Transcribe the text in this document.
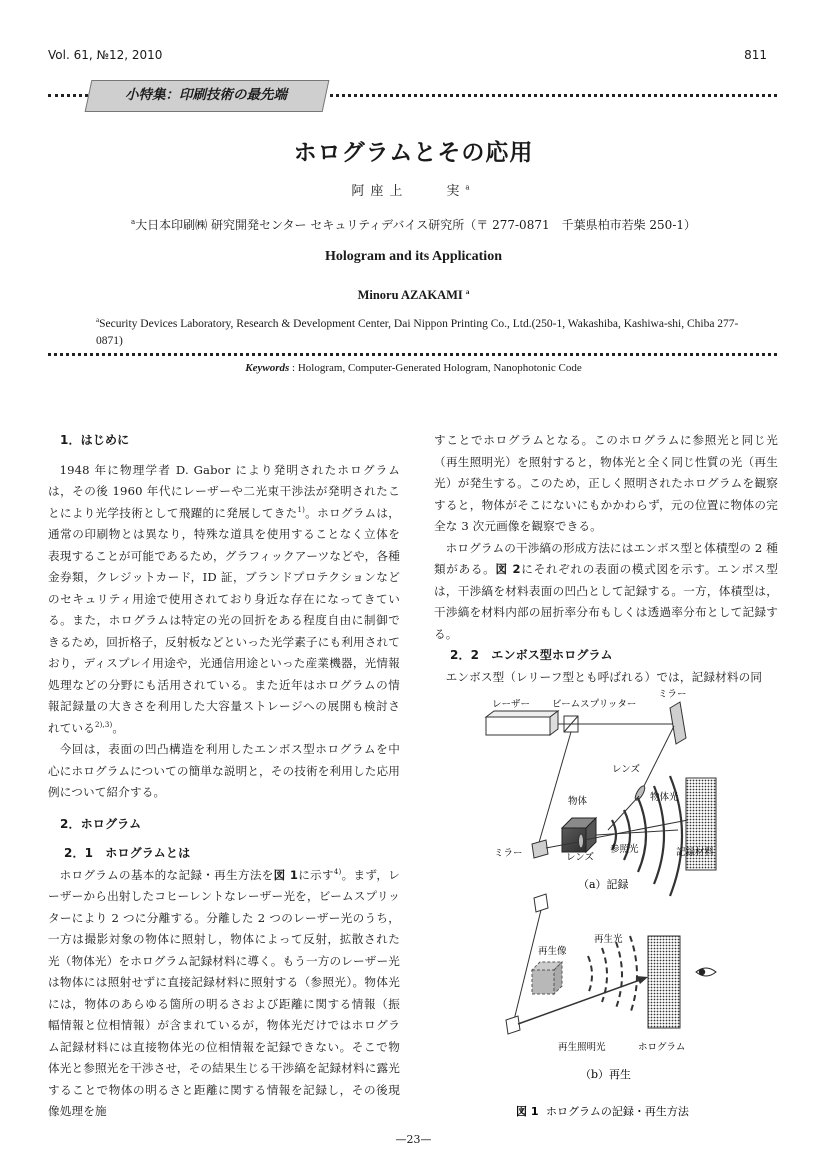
Vol. 61, №12, 2010	811
小特集：印刷技術の最先端
ホログラムとその応用
阿座上　　実$^a$
$^a$大日本印刷㈱ 研究開発センター セキュリティデバイス研究所（〒 277-0871　千葉県柏市若柴 250-1）
Hologram and its Application
Minoru AZAKAMI $^a$
$^a$Security Devices Laboratory, Research & Development Center, Dai Nippon Printing Co., Ltd.(250-1, Wakashiba, Kashiwa-shi, Chiba 277-0871)
Keywords : Hologram, Computer-Generated Hologram, Nanophotonic Code

1．はじめに

1948 年に物理学者 D. Gabor により発明されたホログラムは，その後 1960 年代にレーザーや二光束干渉法が発明されたことにより光学技術として飛躍的に発展してきた$^{1)}$。ホログラムは，通常の印刷物とは異なり，特殊な道具を使用することなく立体を表現することが可能であるため，グラフィックアーツなどや，各種金券類，クレジットカード，ID 証，ブランドプロテクションなどのセキュリティ用途で使用されており身近な存在になってきている。また，ホログラムは特定の光の回折をある程度自由に制御できるため，回折格子，反射板などといった光学素子にも利用されており，ディスプレイ用途や，光通信用途といった産業機器，光情報処理などの分野にも活用されている。また近年はホログラムの情報記録量の大きさを利用した大容量ストレージへの展開も検討されている$^{2),3)}$。

今回は，表面の凹凸構造を利用したエンボス型ホログラムを中心にホログラムについての簡単な説明と，その技術を利用した応用例について紹介する。

2．ホログラム

2．1　ホログラムとは

ホログラムの基本的な記録・再生方法を図 1に示す$^{4)}$。まず，レーザーから出射したコヒーレントなレーザー光を，ビームスプリッターにより 2 つに分離する。分離した 2 つのレーザー光のうち，一方は撮影対象の物体に照射し，物体によって反射，拡散された光（物体光）をホログラム記録材料に導く。もう一方のレーザー光は物体には照射せずに直接記録材料に照射する（参照光）。物体光には，物体のあらゆる箇所の明るさおよび距離に関する情報（振幅情報と位相情報）が含まれているが，物体光だけではホログラム記録材料には直接物体光の位相情報を記録できない。そこで物体光と参照光を干渉させ，その結果生じる干渉縞を記録材料に露光することで物体の明るさと距離に関する情報を記録し，その後現像処理を施

すことでホログラムとなる。このホログラムに参照光と同じ光（再生照明光）を照射すると，物体光と全く同じ性質の光（再生光）が発生する。このため，正しく照明されたホログラムを観察すると，物体がそこにないにもかかわらず，元の位置に物体の完全な 3 次元画像を観察できる。

ホログラムの干渉縞の形成方法にはエンボス型と体積型の 2 種類がある。図 2にそれぞれの表面の模式図を示す。エンボス型は，干渉縞を材料表面の凹凸として記録する。一方，体積型は，干渉縞を材料内部の屈折率分布もしくは透過率分布として記録する。

2．2　エンボス型ホログラム

エンボス型（レリーフ型とも呼ばれる）では，記録材料の同

レーザー ビームスプリッター
ミラー
レンズ
物体	物体光
ミラー	レンズ
参照光	記録材料
（a）記録
再生像
再生光
再生照明光	ホログラム
（b）再生
図 1 ホログラムの記録・再生方法
—23—
